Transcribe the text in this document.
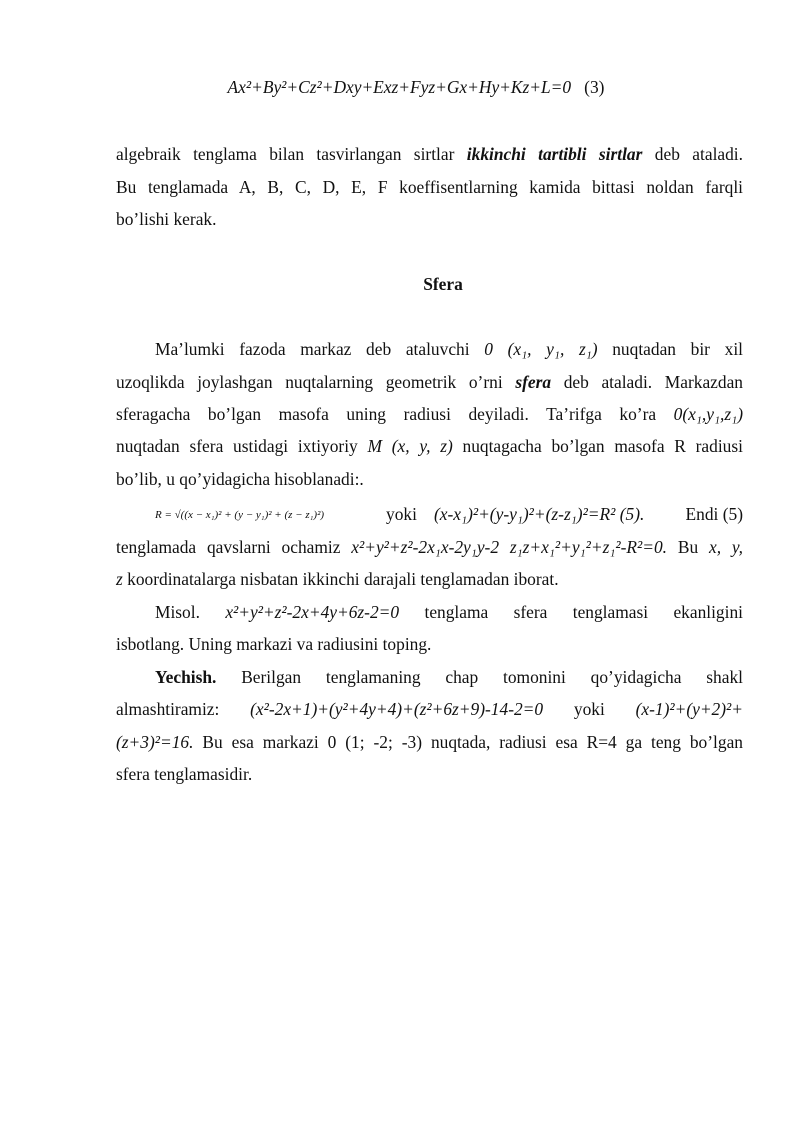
Ax²+By²+Cz²+Dxy+Exz+Fyz+Gx+Hy+Kz+L=0 (3)
algebraik tenglama bilan tasvirlangan sirtlar ikkinchi tartibli sirtlar deb ataladi.
Bu tenglamada A, B, C, D, E, F koeffisentlarning kamida bittasi noldan farqli
bo’lishi kerak.
Sfera
Ma’lumki fazoda markaz deb ataluvchi 0 (x₁, y₁, z₁) nuqtadan bir xil
uzoqlikda joylashgan nuqtalarning geometrik o’rni sfera deb ataladi. Markazdan
sferagacha bo’lgan masofa uning radiusi deyiladi. Ta’rifga ko’ra 0(x₁,y₁,z₁)
nuqtadan sfera ustidagi ixtiyoriy M (x, y, z) nuqtagacha bo’lgan masofa R radiusi
bo’lib, u qo’yidagicha hisoblanadi:.
R = √((x − x₁)² + (y − y₁)² + (z − z₁)²)	yoki (x-x₁)²+(y-y₁)²+(z-z₁)²=R² (5). Endi (5)
tenglamada qavslarni ochamiz x²+y²+z²-2x₁x-2y₁y-2 z₁z+x₁²+y₁²+z₁²-R²=0. Bu x, y,
z koordinatalarga nisbatan ikkinchi darajali tenglamadan iborat.
Misol. x²+y²+z²-2x+4y+6z-2=0 tenglama sfera tenglamasi ekanligini
isbotlang. Uning markazi va radiusini toping.
Yechish. Berilgan tenglamaning chap tomonini qo’yidagicha shakl
almashtiramiz: (x²-2x+1)+(y²+4y+4)+(z²+6z+9)-14-2=0 yoki (x-1)²+(y+2)²+
(z+3)²=16. Bu esa markazi 0 (1; -2; -3) nuqtada, radiusi esa R=4 ga teng bo’lgan
sfera tenglamasidir.
